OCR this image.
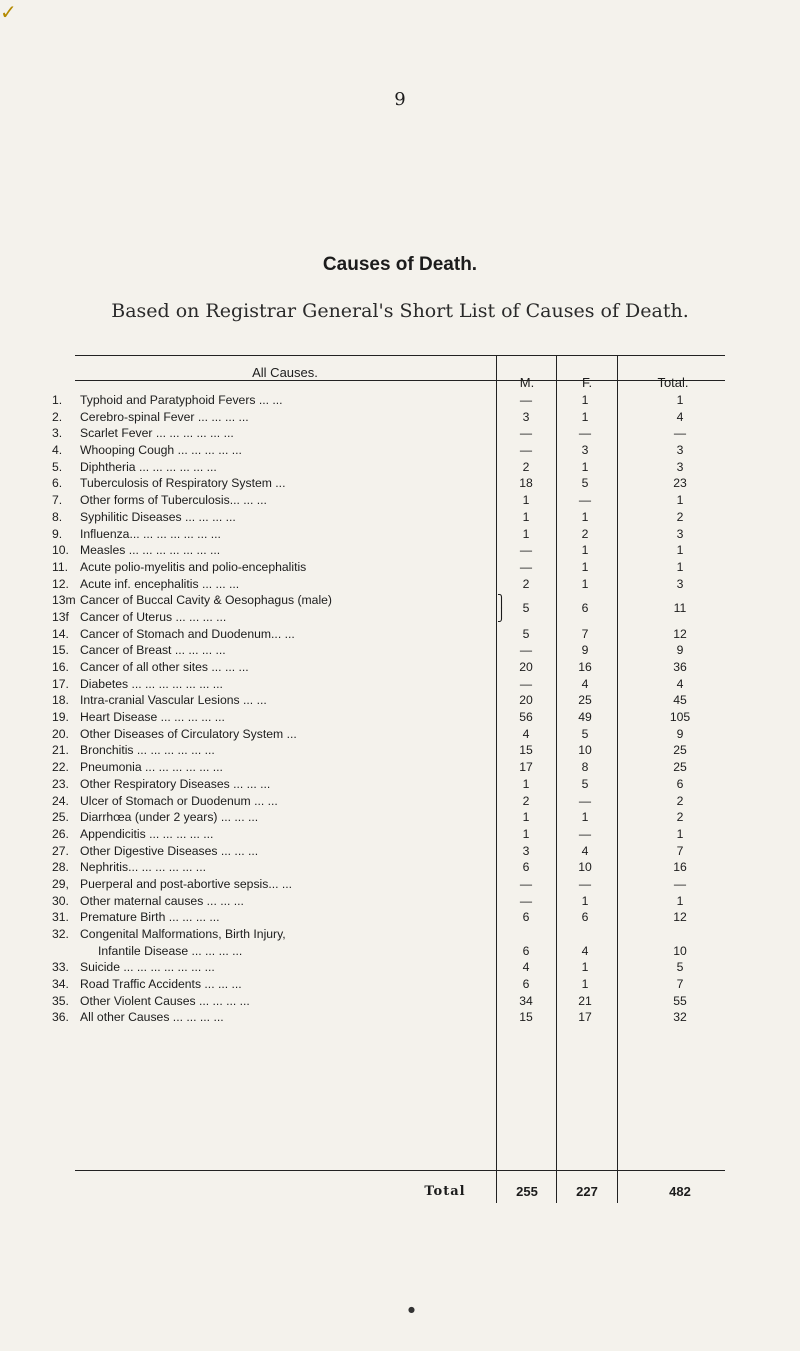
✓
9
Causes of Death.
Based on Registrar General's Short List of Causes of Death.
All Causes.
M.	F.	Total.
1.	Typhoid and Paratyphoid Fevers ... ...	—	1	1
2.	Cerebro-spinal Fever ... ... ... ...	3	1	4
3.	Scarlet Fever ... ... ... ... ... ...	—	—	—
4.	Whooping Cough ... ... ... ... ...	—	3	3
5.	Diphtheria ... ... ... ... ... ...	2	1	3
6.	Tuberculosis of Respiratory System ...	18	5	23
7.	Other forms of Tuberculosis... ... ...	1	—	1
8.	Syphilitic Diseases ... ... ... ...	1	1	2
9.	Influenza... ... ... ... ... ... ...	1	2	3
10. Measles ... ... ... ... ... ... ...	—	1	1
11. Acute polio-myelitis and polio-encephalitis	—	1	1
12. Acute inf. encephalitis ... ... ...	2	1	3
13m Cancer of Buccal Cavity & Oesophagus (male)
13f Cancer of Uterus ... ... ... ...
⎫
⎭	5	6	11
14. Cancer of Stomach and Duodenum... ...	5	7	12
15. Cancer of Breast ... ... ... ...	—	9	9
16. Cancer of all other sites ... ... ...	20	16	36
17. Diabetes ... ... ... ... ... ... ...	—	4	4
18. Intra-cranial Vascular Lesions ... ...	20	25	45
19. Heart Disease ... ... ... ... ...	56	49	105
20. Other Diseases of Circulatory System ...	4	5	9
21. Bronchitis ... ... ... ... ... ...	15	10	25
22. Pneumonia ... ... ... ... ... ...	17	8	25
23. Other Respiratory Diseases ... ... ...	1	5	6
24. Ulcer of Stomach or Duodenum ... ...	2	—	2
25. Diarrhœa (under 2 years) ... ... ...	1	1	2
26. Appendicitis ... ... ... ... ...	1	—	1
27. Other Digestive Diseases ... ... ...	3	4	7
28. Nephritis... ... ... ... ... ...	6	10	16
29, Puerperal and post-abortive sepsis... ...	—	—	—
30. Other maternal causes ... ... ...	—	1	1
31. Premature Birth ... ... ... ...	6	6	12
32. Congenital Malformations, Birth Injury,
Infantile Disease ... ... ... ...	6	4	10
33. Suicide ... ... ... ... ... ... ...	4	1	5
34. Road Traffic Accidents ... ... ...	6	1	7
35. Other Violent Causes ... ... ... ...	34	21	55
36. All other Causes ... ... ... ...	15	17	32
Total	255	227	482
●
